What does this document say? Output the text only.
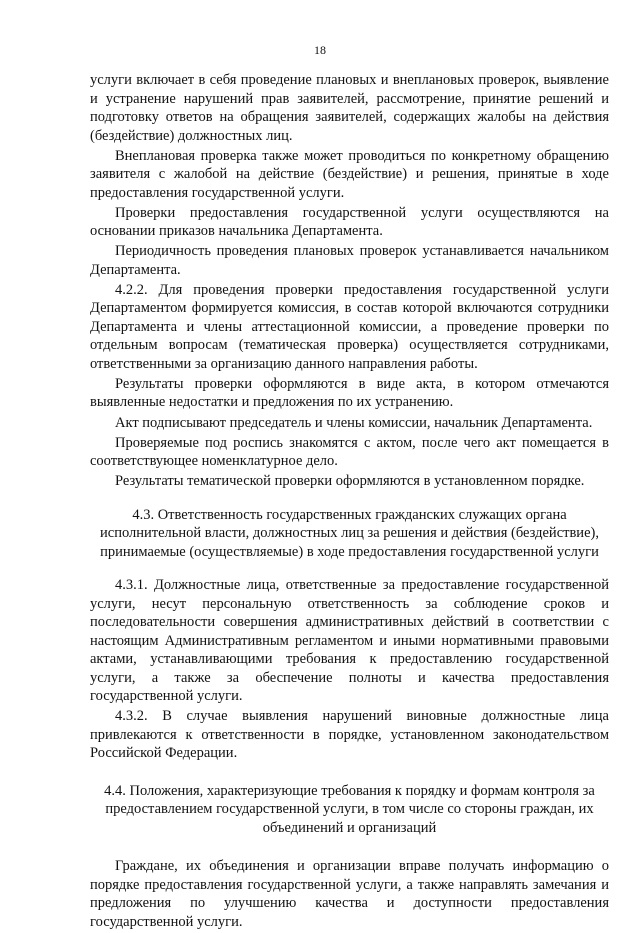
18

услуги включает в себя проведение плановых и внеплановых проверок, выявление и устранение нарушений прав заявителей, рассмотрение, принятие решений и подготовку ответов на обращения заявителей, содержащих жалобы на действия (бездействие) должностных лиц.

Внеплановая проверка также может проводиться по конкретному обращению заявителя с жалобой на действие (бездействие) и решения, принятые в ходе предоставления государственной услуги.

Проверки предоставления государственной услуги осуществляются на основании приказов начальника Департамента.

Периодичность проведения плановых проверок устанавливается начальником Департамента.

4.2.2. Для проведения проверки предоставления государственной услуги Департаментом формируется комиссия, в состав которой включаются сотрудники Департамента и члены аттестационной комиссии, а проведение проверки по отдельным вопросам (тематическая проверка) осуществляется сотрудниками, ответственными за организацию данного направления работы.

Результаты проверки оформляются в виде акта, в котором отмечаются выявленные недостатки и предложения по их устранению.

Акт подписывают председатель и члены комиссии, начальник Департамента.

Проверяемые под роспись знакомятся с актом, после чего акт помещается в соответствующее номенклатурное дело.

Результаты тематической проверки оформляются в установленном порядке.

4.3. Ответственность государственных гражданских служащих органа исполнительной власти, должностных лиц за решения и действия (бездействие), принимаемые (осуществляемые) в ходе предоставления государственной услуги

4.3.1. Должностные лица, ответственные за предоставление государственной услуги, несут персональную ответственность за соблюдение сроков и последовательности совершения административных действий в соответствии с настоящим Административным регламентом и иными нормативными правовыми актами, устанавливающими требования к предоставлению государственной услуги, а также за обеспечение полноты и качества предоставления государственной услуги.

4.3.2. В случае выявления нарушений виновные должностные лица привлекаются к ответственности в порядке, установленном законодательством Российской Федерации.

4.4. Положения, характеризующие требования к порядку и формам контроля за предоставлением государственной услуги, в том числе со стороны граждан, их объединений и организаций

Граждане, их объединения и организации вправе получать информацию о порядке предоставления государственной услуги, а также направлять замечания и предложения по улучшению качества и доступности предоставления государственной услуги.
